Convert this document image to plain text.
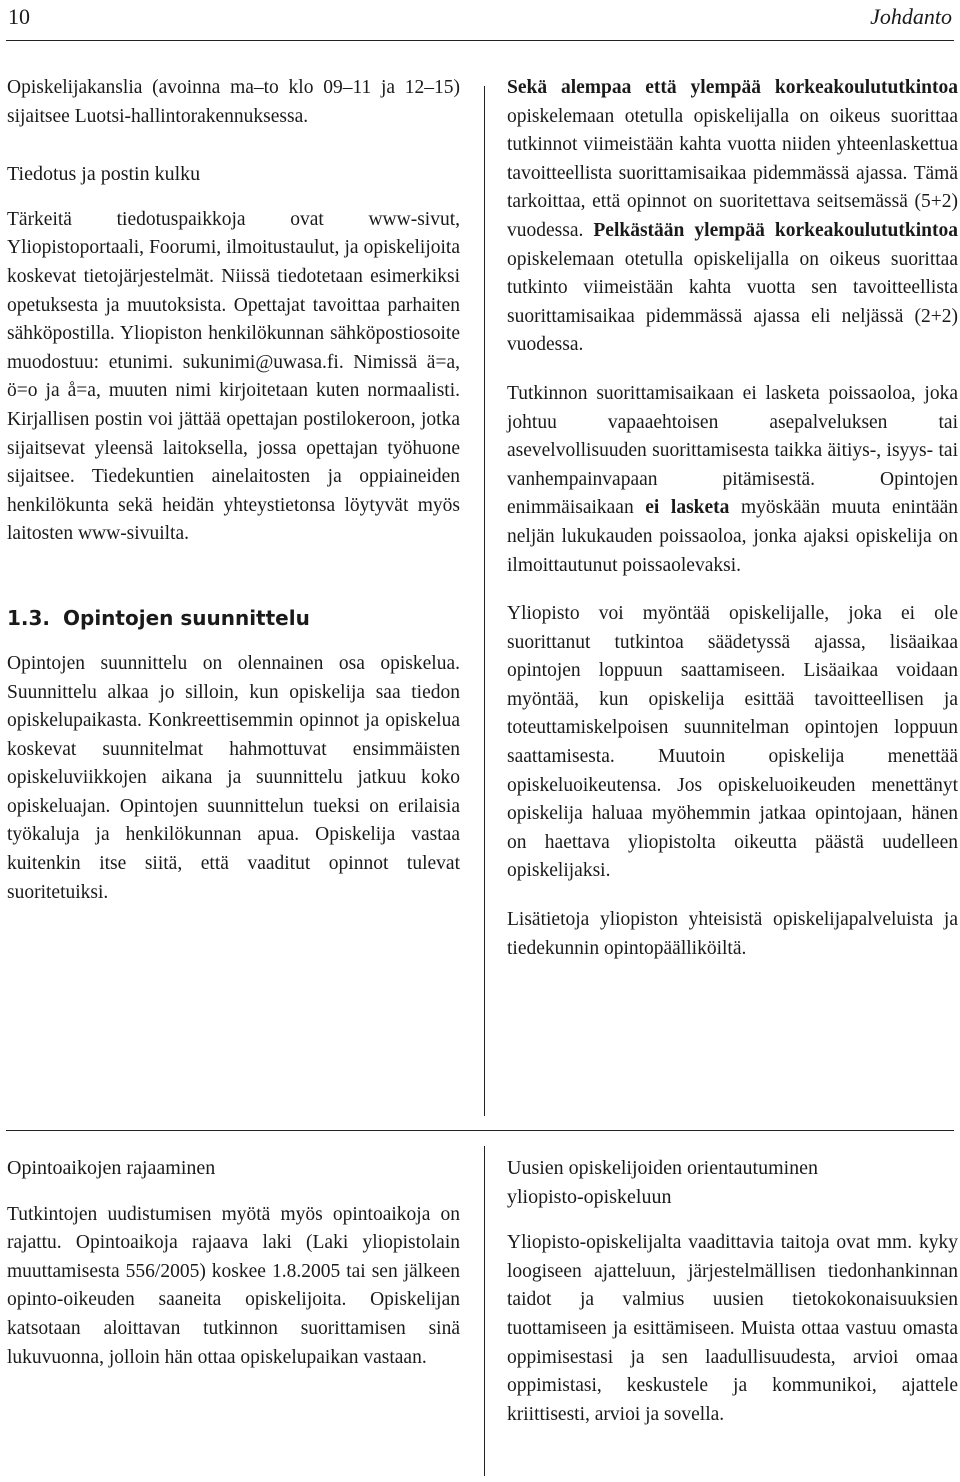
10	Johdanto

Opiskelijakanslia (avoinna ma–to klo 09–11 ja 12–15) sijaitsee Luotsi-hallintorakennuksessa.

Tiedotus ja postin kulku

Tärkeitä tiedotuspaikkoja ovat www-sivut, Yliopistoportaali, Foorumi, ilmoitustaulut, ja opiskelijoita koskevat tietojärjestelmät. Niissä tiedotetaan esimerkiksi opetuksesta ja muutoksista. Opettajat tavoittaa parhaiten sähköpostilla. Yliopiston henkilökunnan sähköpostiosoite muodostuu: etunimi. sukunimi@uwasa.fi. Nimissä ä=a, ö=o ja å=a, muuten nimi kirjoitetaan kuten normaalisti. Kirjallisen postin voi jättää opettajan postilokeroon, jotka sijaitsevat yleensä laitoksella, jossa opettajan työhuone sijaitsee. Tiedekuntien ainelaitosten ja oppiaineiden henkilökunta sekä heidän yhteystietonsa löytyvät myös laitosten www-sivuilta.

1.3. Opintojen suunnittelu

Opintojen suunnittelu on olennainen osa opiskelua. Suunnittelu alkaa jo silloin, kun opiskelija saa tiedon opiskelupaikasta. Konkreettisemmin opinnot ja opiskelua koskevat suunnitelmat hahmottuvat ensimmäisten opiskeluviikkojen aikana ja suunnittelu jatkuu koko opiskeluajan. Opintojen suunnittelun tueksi on erilaisia työkaluja ja henkilökunnan apua. Opiskelija vastaa kuitenkin itse siitä, että vaaditut opinnot tulevat suoritetuiksi.

Sekä alempaa että ylempää korkeakoulututkintoa opiskelemaan otetulla opiskelijalla on oikeus suorittaa tutkinnot viimeistään kahta vuotta niiden yhteenlaskettua tavoitteellista suorittamisaikaa pidemmässä ajassa. Tämä tarkoittaa, että opinnot on suoritettava seitsemässä (5+2) vuodessa. Pelkästään ylempää korkeakoulututkintoa opiskelemaan otetulla opiskelijalla on oikeus suorittaa tutkinto viimeistään kahta vuotta sen tavoitteellista suorittamisaikaa pidemmässä ajassa eli neljässä (2+2) vuodessa.

Tutkinnon suorittamisaikaan ei lasketa poissaoloa, joka johtuu vapaaehtoisen asepalveluksen tai asevelvollisuuden suorittamisesta taikka äitiys-, isyys- tai vanhempainvapaan pitämisestä. Opintojen enimmäisaikaan ei lasketa myöskään muuta enintään neljän lukukauden poissaoloa, jonka ajaksi opiskelija on ilmoittautunut poissaolevaksi.

Yliopisto voi myöntää opiskelijalle, joka ei ole suorittanut tutkintoa säädetyssä ajassa, lisäaikaa opintojen loppuun saattamiseen. Lisäaikaa voidaan myöntää, kun opiskelija esittää tavoitteellisen ja toteuttamiskelpoisen suunnitelman opintojen loppuun saattamisesta. Muutoin opiskelija menettää opiskeluoikeutensa. Jos opiskeluoikeuden menettänyt opiskelija haluaa myöhemmin jatkaa opintojaan, hänen on haettava yliopistolta oikeutta päästä uudelleen opiskelijaksi.

Lisätietoja yliopiston yhteisistä opiskelijapalveluista ja tiedekunnin opintopäälliköiltä.

Opintoaikojen rajaaminen

Tutkintojen uudistumisen myötä myös opintoaikoja on rajattu. Opintoaikoja rajaava laki (Laki yliopistolain muuttamisesta 556/2005) koskee 1.8.2005 tai sen jälkeen opinto-oikeuden saaneita opiskelijoita. Opiskelijan katsotaan aloittavan tutkinnon suorittamisen sinä lukuvuonna, jolloin hän ottaa opiskelupaikan vastaan.

Uusien opiskelijoiden orientautuminen
yliopisto-opiskeluun

Yliopisto-opiskelijalta vaadittavia taitoja ovat mm. kyky loogiseen ajatteluun, järjestelmällisen tiedonhankinnan taidot ja valmius uusien tietokokonaisuuksien tuottamiseen ja esittämiseen. Muista ottaa vastuu omasta oppimisestasi ja sen laadullisuudesta, arvioi omaa oppimistasi, keskustele ja kommunikoi, ajattele kriittisesti, arvioi ja sovella.
